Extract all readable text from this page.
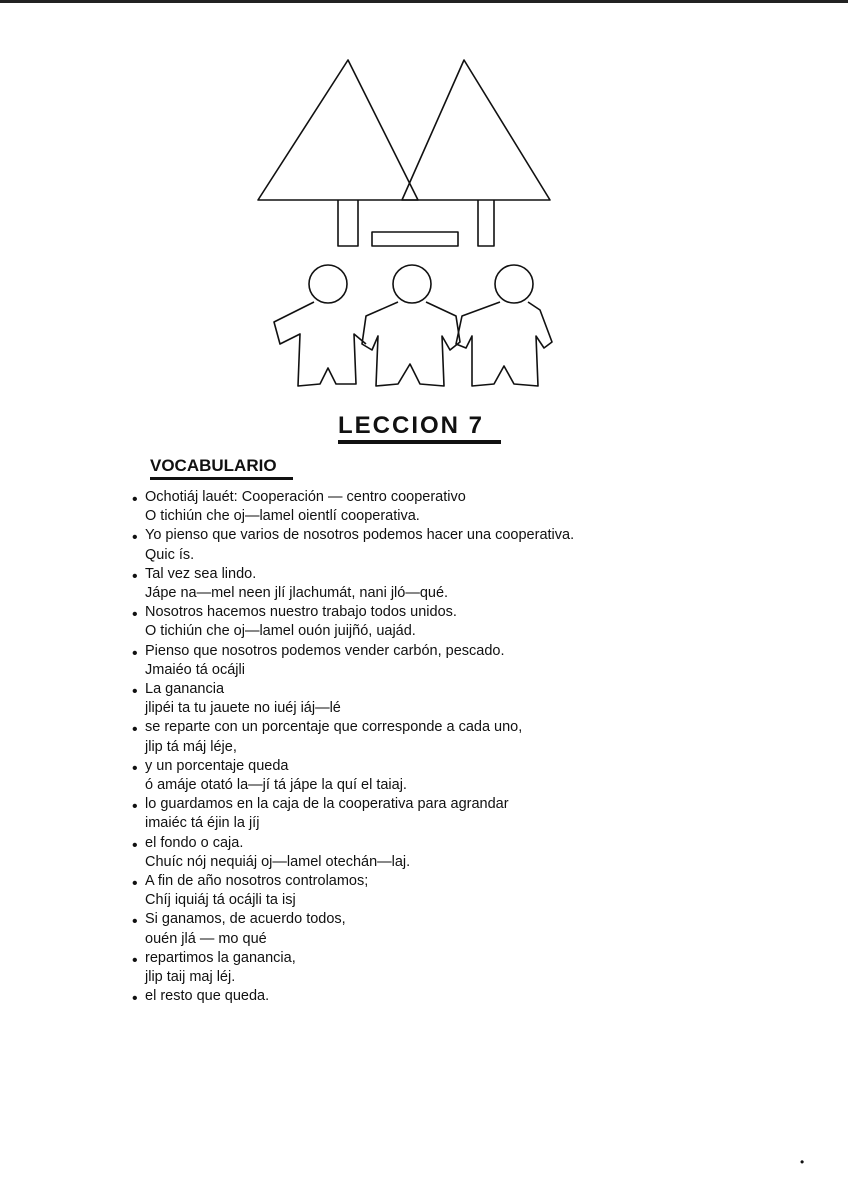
LECCION 7
VOCABULARIO
• Ochotiáj lauét: Cooperación — centro cooperativo
O tichiún che oj—lamel oientlí cooperativa.
• Yo pienso que varios de nosotros podemos hacer una cooperativa.
Quic ís.
• Tal vez sea lindo.
Jápe na—mel neen jlí jlachumát, nani jló—qué.
• Nosotros hacemos nuestro trabajo todos unidos.
O tichiún che oj—lamel ouón juijñó, uajád.
• Pienso que nosotros podemos vender carbón, pescado.
Jmaiéo tá ocájli
• La ganancia
jlipéi ta tu jauete no iuéj iáj—lé
• se reparte con un porcentaje que corresponde a cada uno,
jlip tá máj léje,
• y un porcentaje queda
ó amáje otató la—jí tá jápe la quí el taiaj.
• lo guardamos en la caja de la cooperativa para agrandar
imaiéc tá éjin la jíj
• el fondo o caja.
Chuíc nój nequiáj oj—lamel otechán—laj.
• A fin de año nosotros controlamos;
Chíj iquiáj tá ocájli ta isj
• Si ganamos, de acuerdo todos,
ouén jlá — mo qué
• repartimos la ganancia,
jlip taij maj léj.
• el resto que queda.
•
